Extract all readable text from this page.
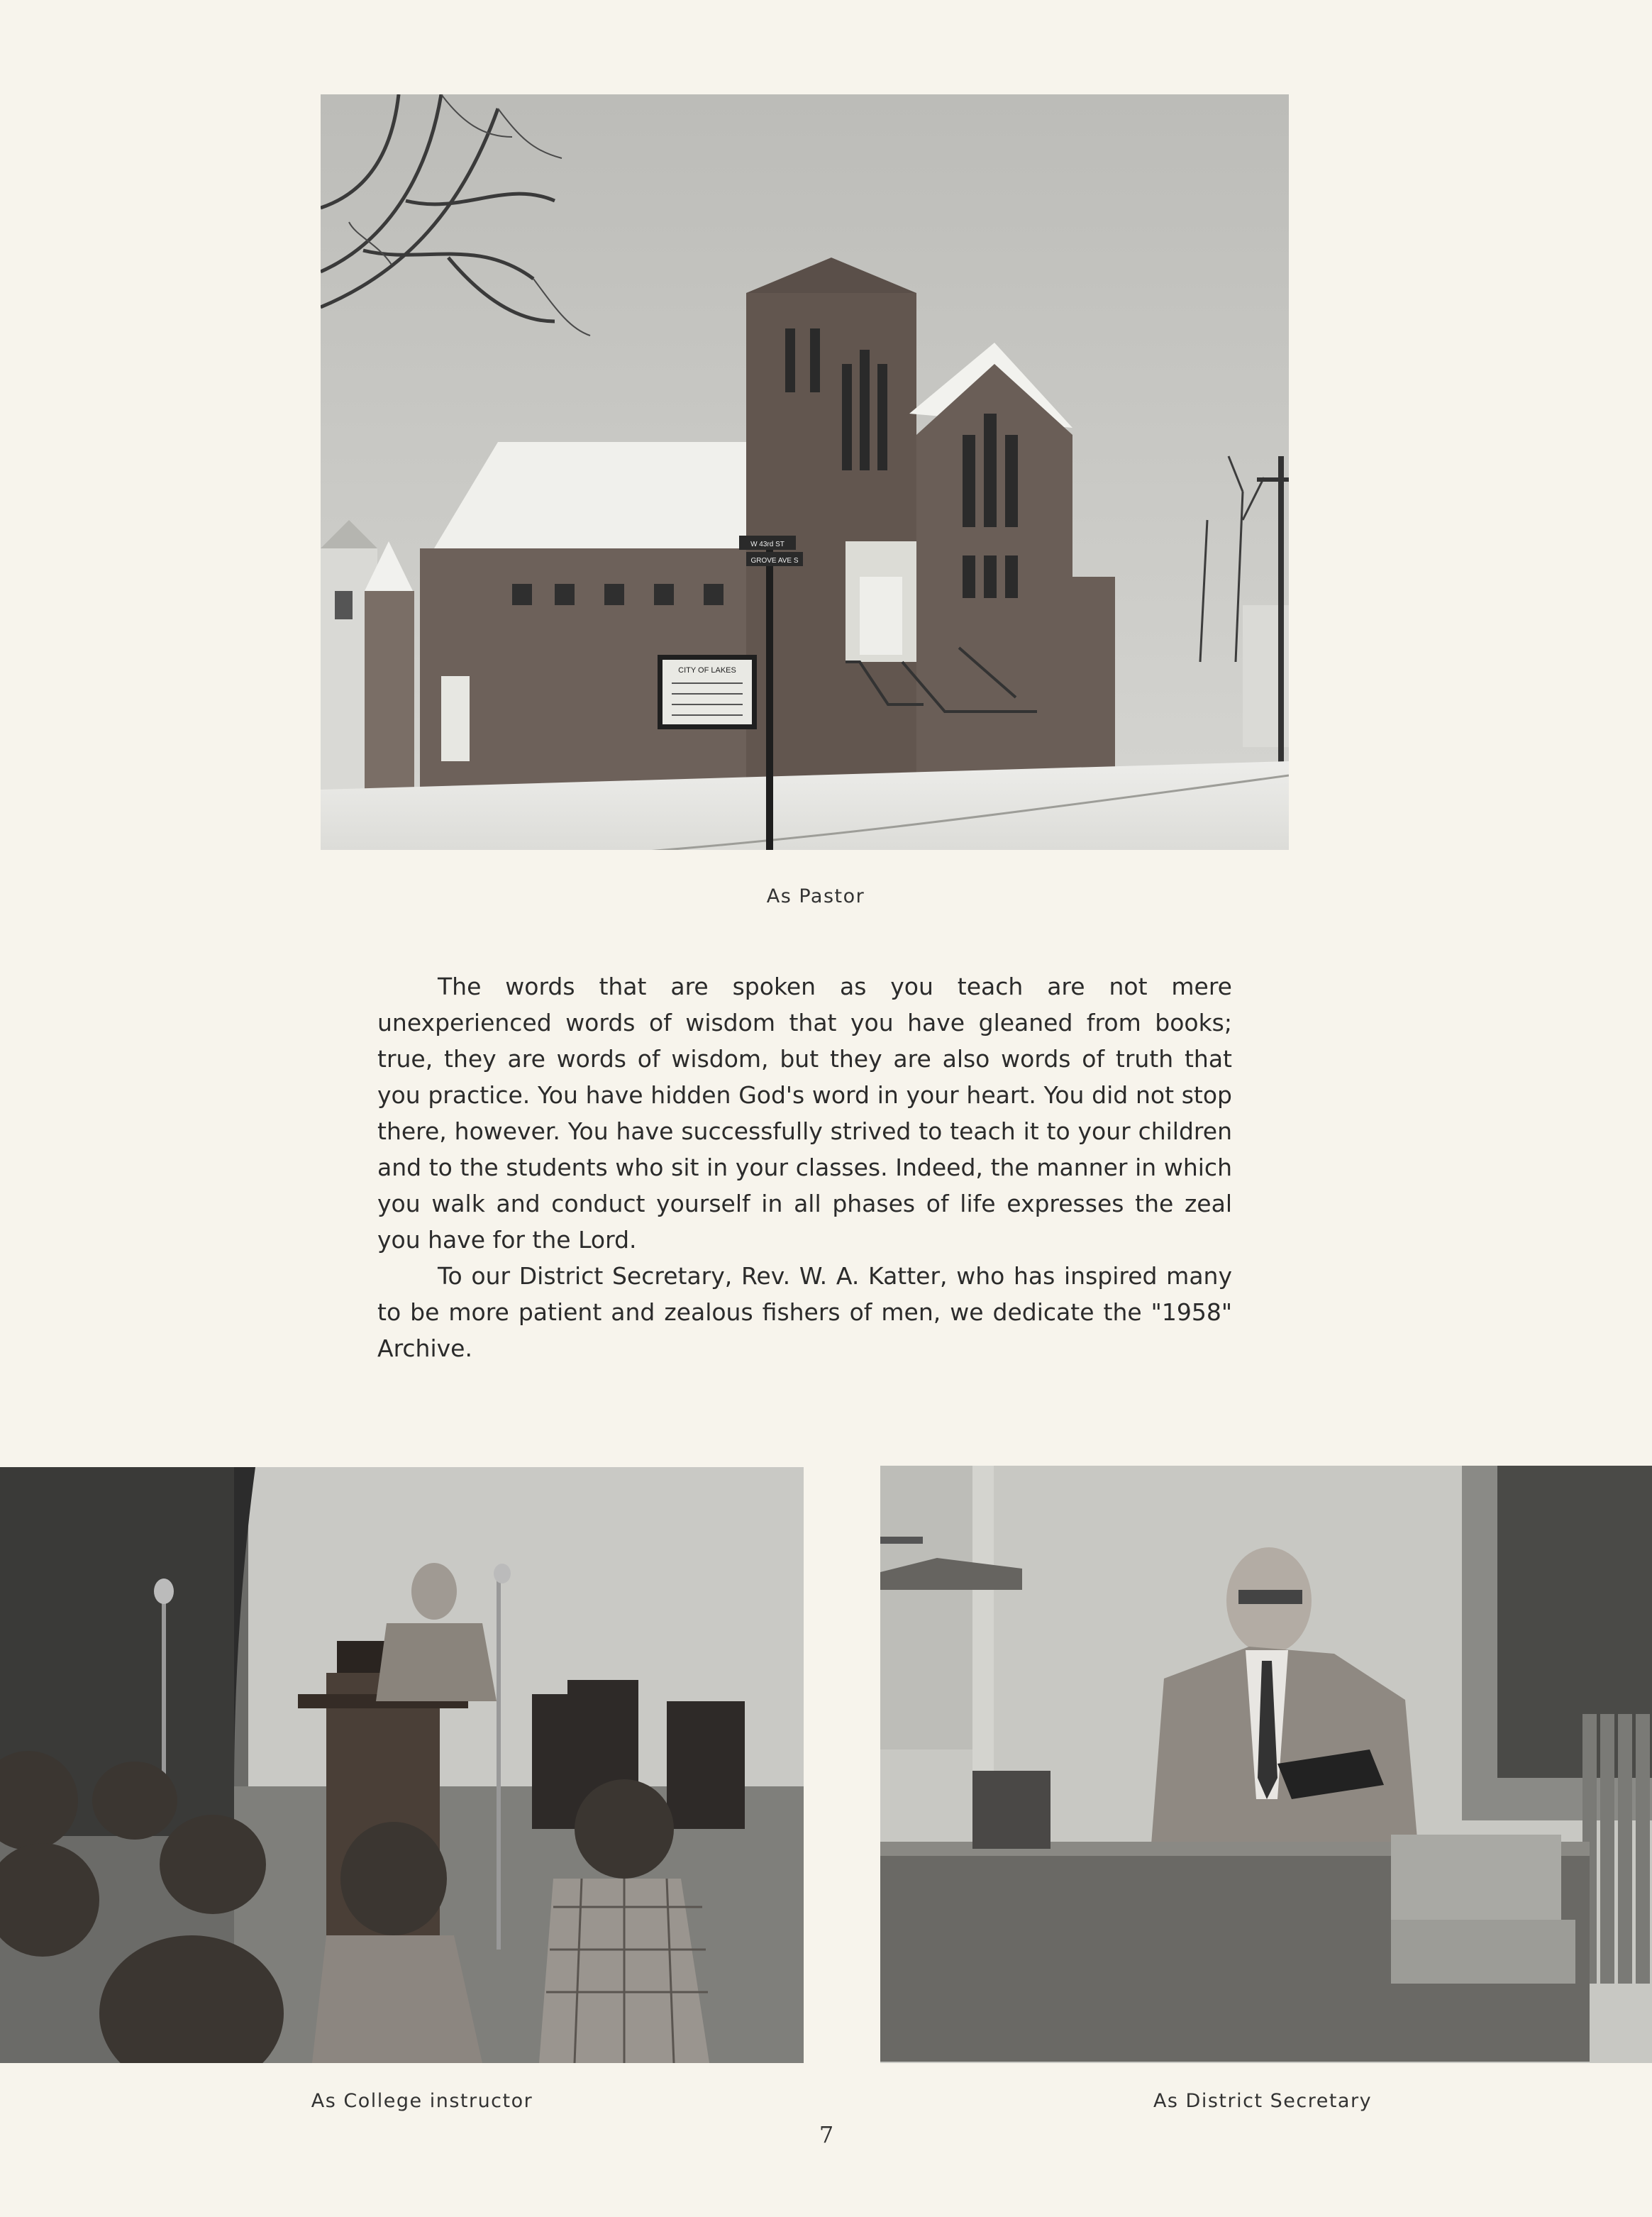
CITY OF LAKES
W 43rd ST
GROVE AVE S
As Pastor

The words that are spoken as you teach are not mere unexperienced words of wisdom that you have gleaned from books; true, they are words of wisdom, but they are also words of truth that you practice. You have hidden God's word in your heart. You did not stop there, however. You have successfully strived to teach it to your children and to the students who sit in your classes. Indeed, the manner in which you walk and conduct yourself in all phases of life expresses the zeal you have for the Lord.

To our District Secretary, Rev. W. A. Katter, who has inspired many to be more patient and zealous fishers of men, we dedicate the "1958" Archive.

As College instructor	As District Secretary
7
